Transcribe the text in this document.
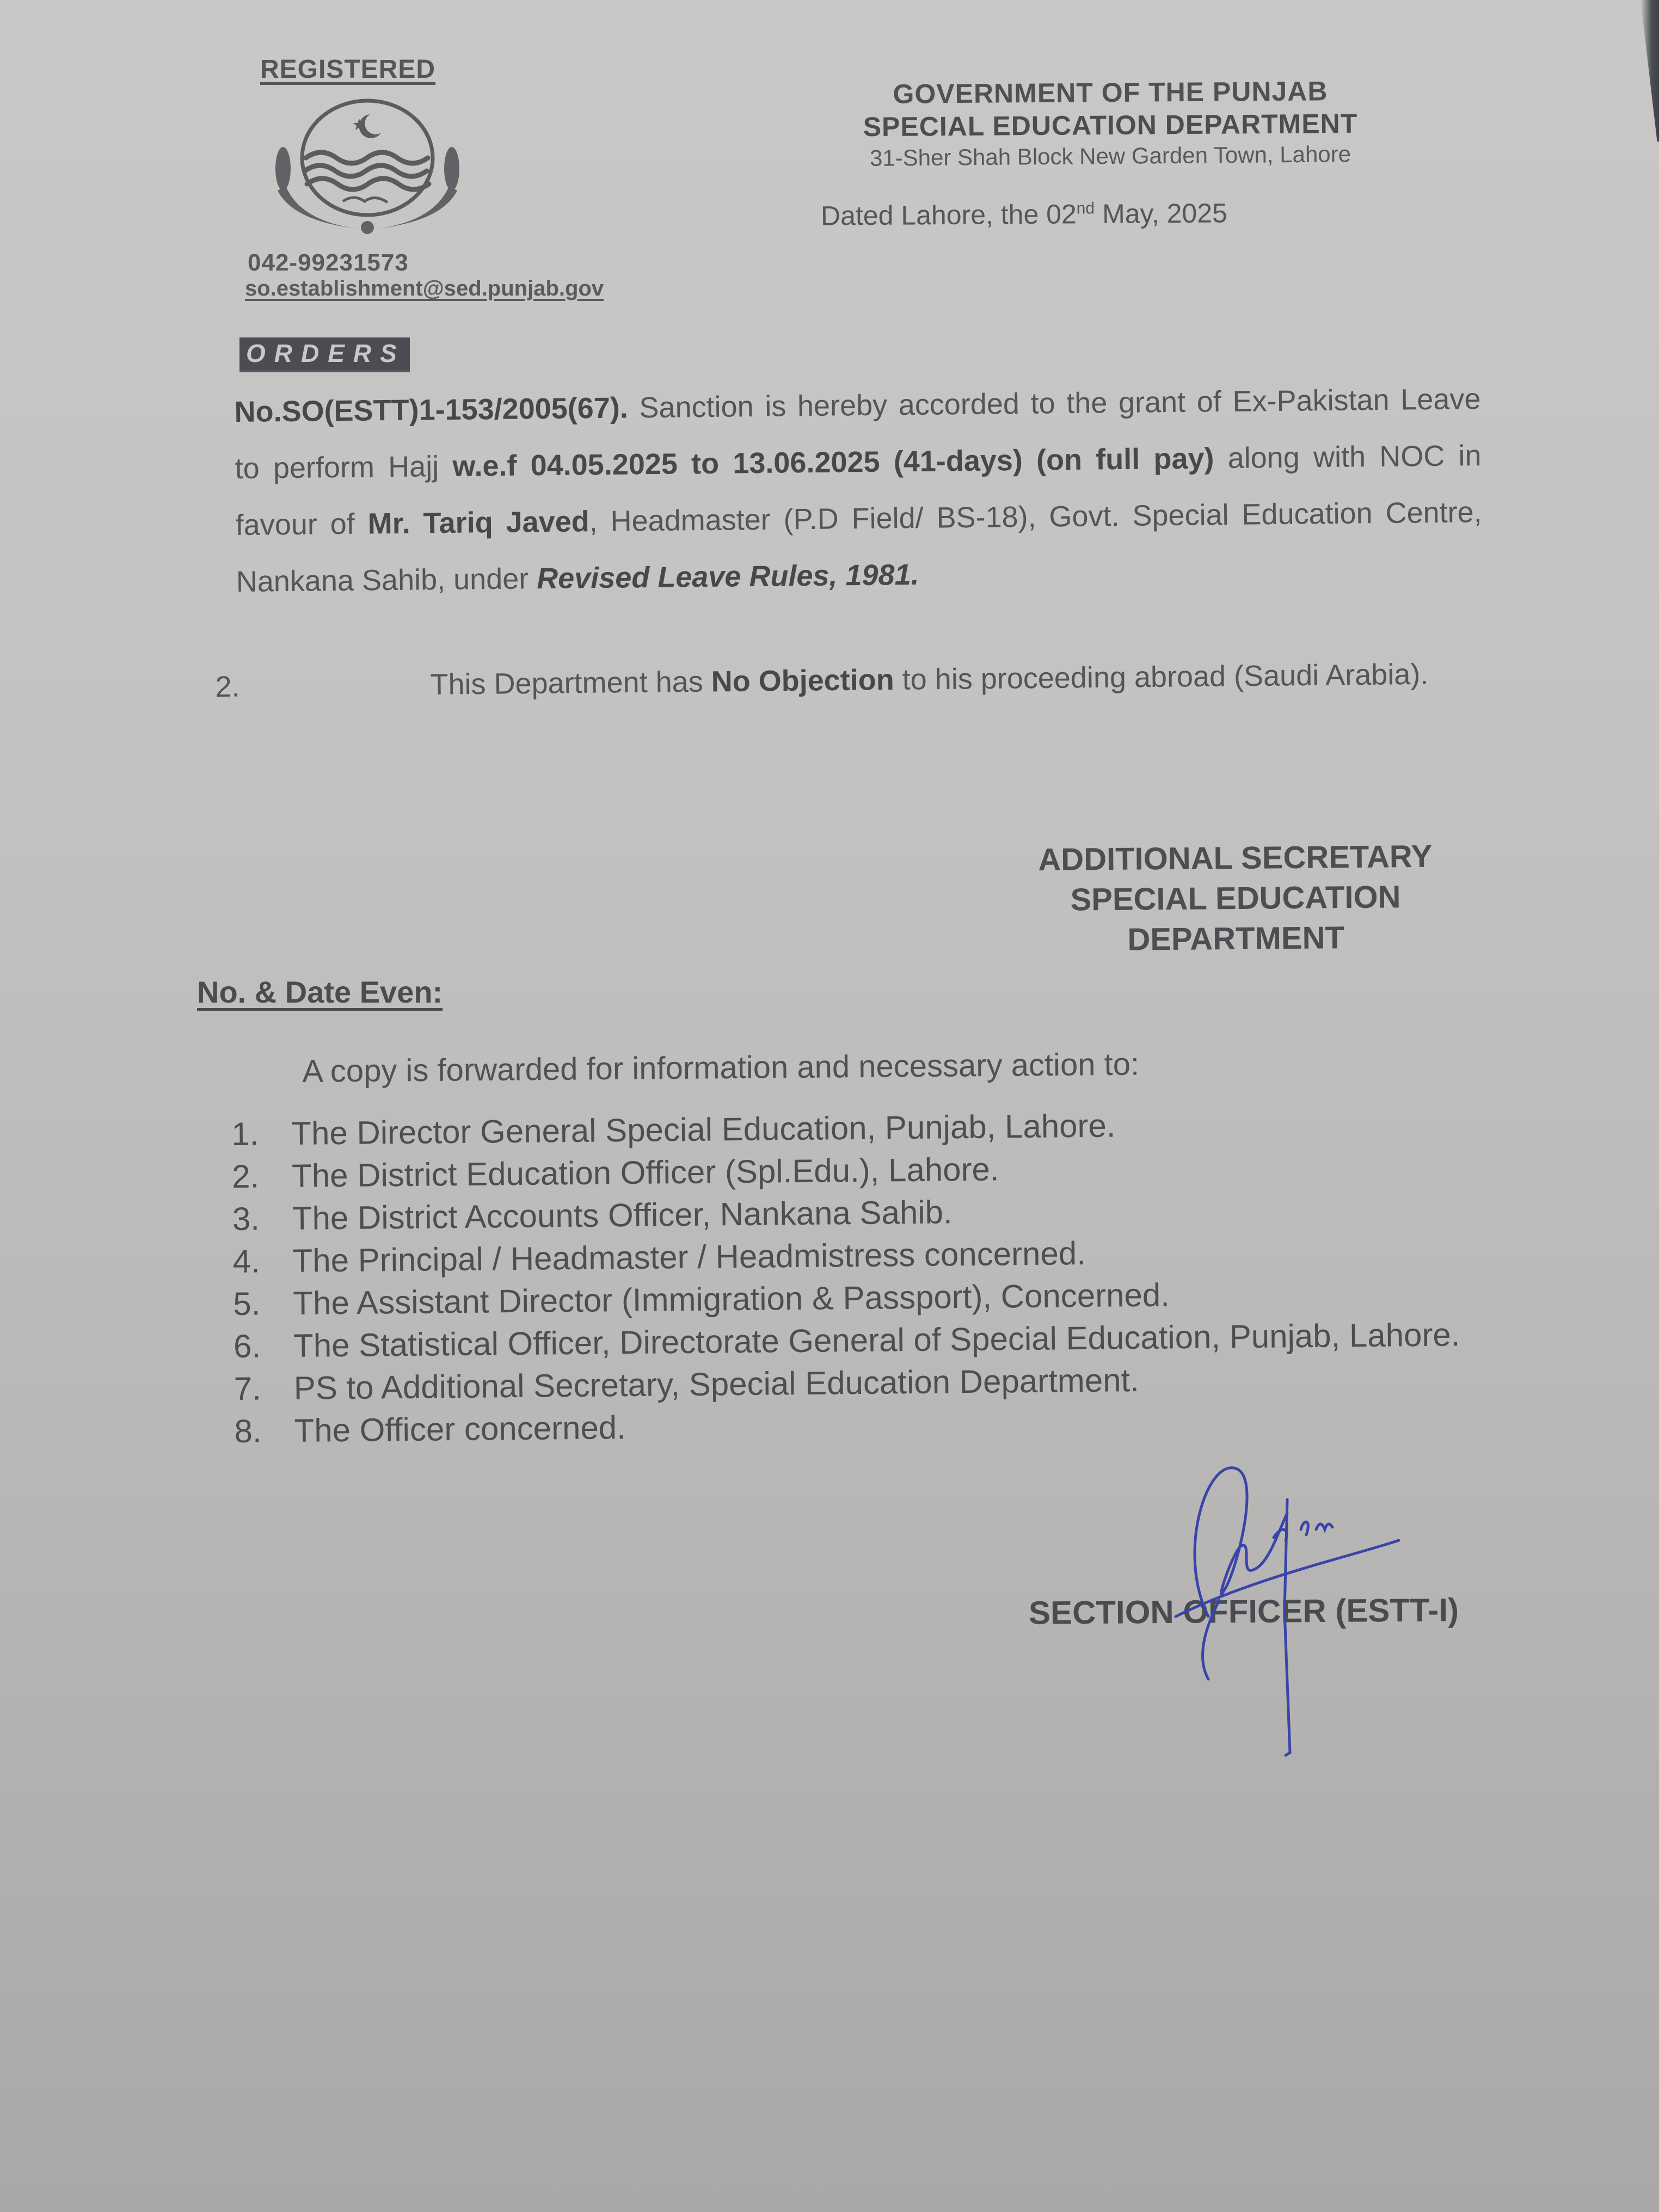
REGISTERED
042-99231573
so.establishment@sed.punjab.gov
GOVERNMENT OF THE PUNJAB
SPECIAL EDUCATION DEPARTMENT
31-Sher Shah Block New Garden Town, Lahore
Dated Lahore, the 02nd May, 2025
ORDERS
No.SO(ESTT)1-153/2005(67). Sanction is hereby accorded to the grant of Ex-Pakistan Leave to perform Hajj w.e.f 04.05.2025 to 13.06.2025 (41-days) (on full pay) along with NOC in favour of Mr. Tariq Javed, Headmaster (P.D Field/ BS-18), Govt. Special Education Centre, Nankana Sahib, under Revised Leave Rules, 1981.
2.	This Department has No Objection to his proceeding abroad (Saudi Arabia).
ADDITIONAL SECRETARY
SPECIAL EDUCATION
DEPARTMENT
No. & Date Even:
A copy is forwarded for information and necessary action to:
1. The Director General Special Education, Punjab, Lahore.
2. The District Education Officer (Spl.Edu.), Lahore.
3. The District Accounts Officer, Nankana Sahib.
4. The Principal / Headmaster / Headmistress concerned.
5. The Assistant Director (Immigration & Passport), Concerned.
6. The Statistical Officer, Directorate General of Special Education, Punjab, Lahore.
7. PS to Additional Secretary, Special Education Department.
8. The Officer concerned.
SECTION OFFICER (ESTT-I)
